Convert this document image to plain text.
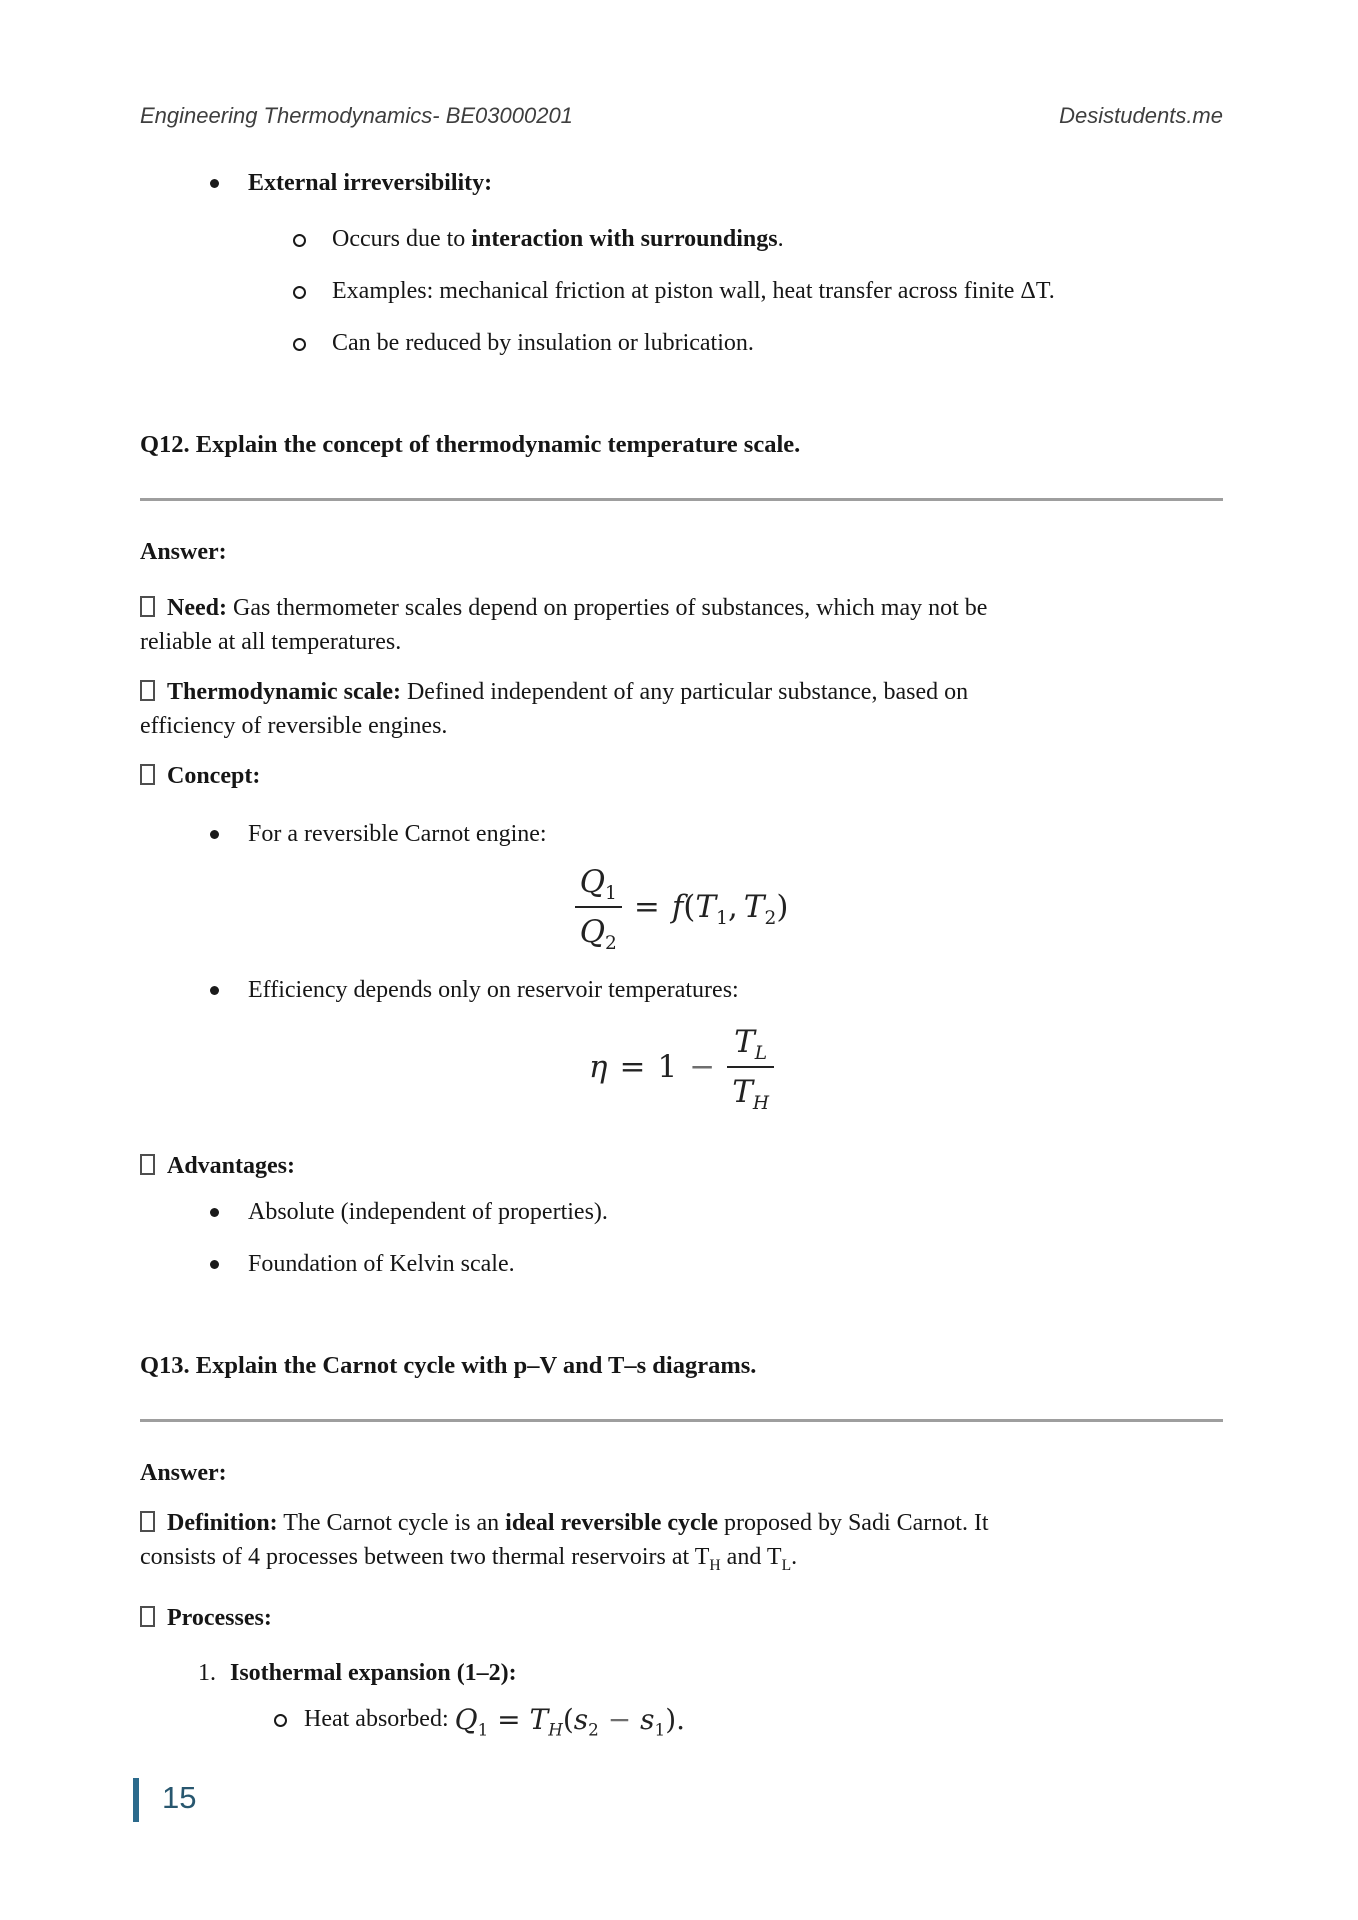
Engineering Thermodynamics- BE03000201	Desistudents.me
External irreversibility:
Occurs due to interaction with surroundings.
Examples: mechanical friction at piston wall, heat transfer across finite ΔT.
Can be reduced by insulation or lubrication.
Q12. Explain the concept of thermodynamic temperature scale.
Answer:
Need: Gas thermometer scales depend on properties of substances, which may not be
reliable at all temperatures.
Thermodynamic scale: Defined independent of any particular substance, based on
efficiency of reversible engines.
Concept:
For a reversible Carnot engine:
$\frac{Q_1}{Q_2} = f(T_1$, $T_2$)
Efficiency depends only on reservoir temperatures:
$\eta = 1 - \frac{T_L}{T_H}$
Advantages:
Absolute (independent of properties).
Foundation of Kelvin scale.
Q13. Explain the Carnot cycle with p–V and T–s diagrams.
Answer:
Definition: The Carnot cycle is an ideal reversible cycle proposed by Sadi Carnot. It
consists of 4 processes between two thermal reservoirs at $T_H$ and $T_L$.
Processes:
1. Isothermal expansion (1–2):
Heat absorbed: $Q_1 = T_H(s_2 - s_1)$.
15
